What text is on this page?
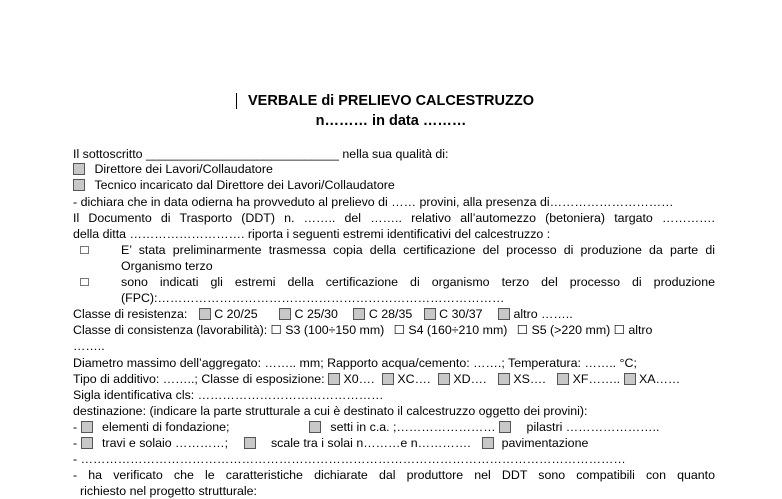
VERBALE di PRELIEVO CALCESTRUZZO
n……… in data ………
Il sottoscritto ____________________________ nella sua qualità di:
Direttore dei Lavori/Collaudatore
Tecnico incaricato dal Direttore dei Lavori/Collaudatore
- dichiara che in data odierna ha provveduto al prelievo di …… provini, alla presenza di…………………………
Il Documento di Trasporto (DDT) n. …….. del …….. relativo all’automezzo (betoniera) targato ………….
della ditta ………………………. riporta i seguenti estremi identificativi del calcestruzzo :
E’ stata preliminarmente trasmessa copia della certificazione del processo di produzione da parte di
Organismo terzo
sono indicati gli estremi della certificazione di organismo terzo del processo di produzione
(FPC):…………………………………………………………………………
Classe di resistenza: C 20/25	C 25/30 C 28/35 C 30/37 altro ……..
Classe di consistenza (lavorabilità): ☐ S3 (100÷150 mm) ☐ S4 (160÷210 mm) ☐ S5 (>220 mm) ☐ altro
……..
Diametro massimo dell’aggregato: …….. mm; Rapporto acqua/cemento: …….; Temperatura: …….. °C;
Tipo di additivo: ……..; Classe di esposizione: X0…. XC…. XD…. XS…. XF…….. XA……
Sigla identificativa cls: ………………………………………
destinazione: (indicare la parte strutturale a cui è destinato il calcestruzzo oggetto dei provini):
- elementi di fondazione;	setti in c.a. ;…………………… pilastri …………………..
- travi e solaio …………;	scale tra i solai n………e n…………. pavimentazione
- ……………………………………………………………………………………………………………………
- ha verificato che le caratteristiche dichiarate dal produttore nel DDT sono compatibili con quanto
richiesto nel progetto strutturale:
